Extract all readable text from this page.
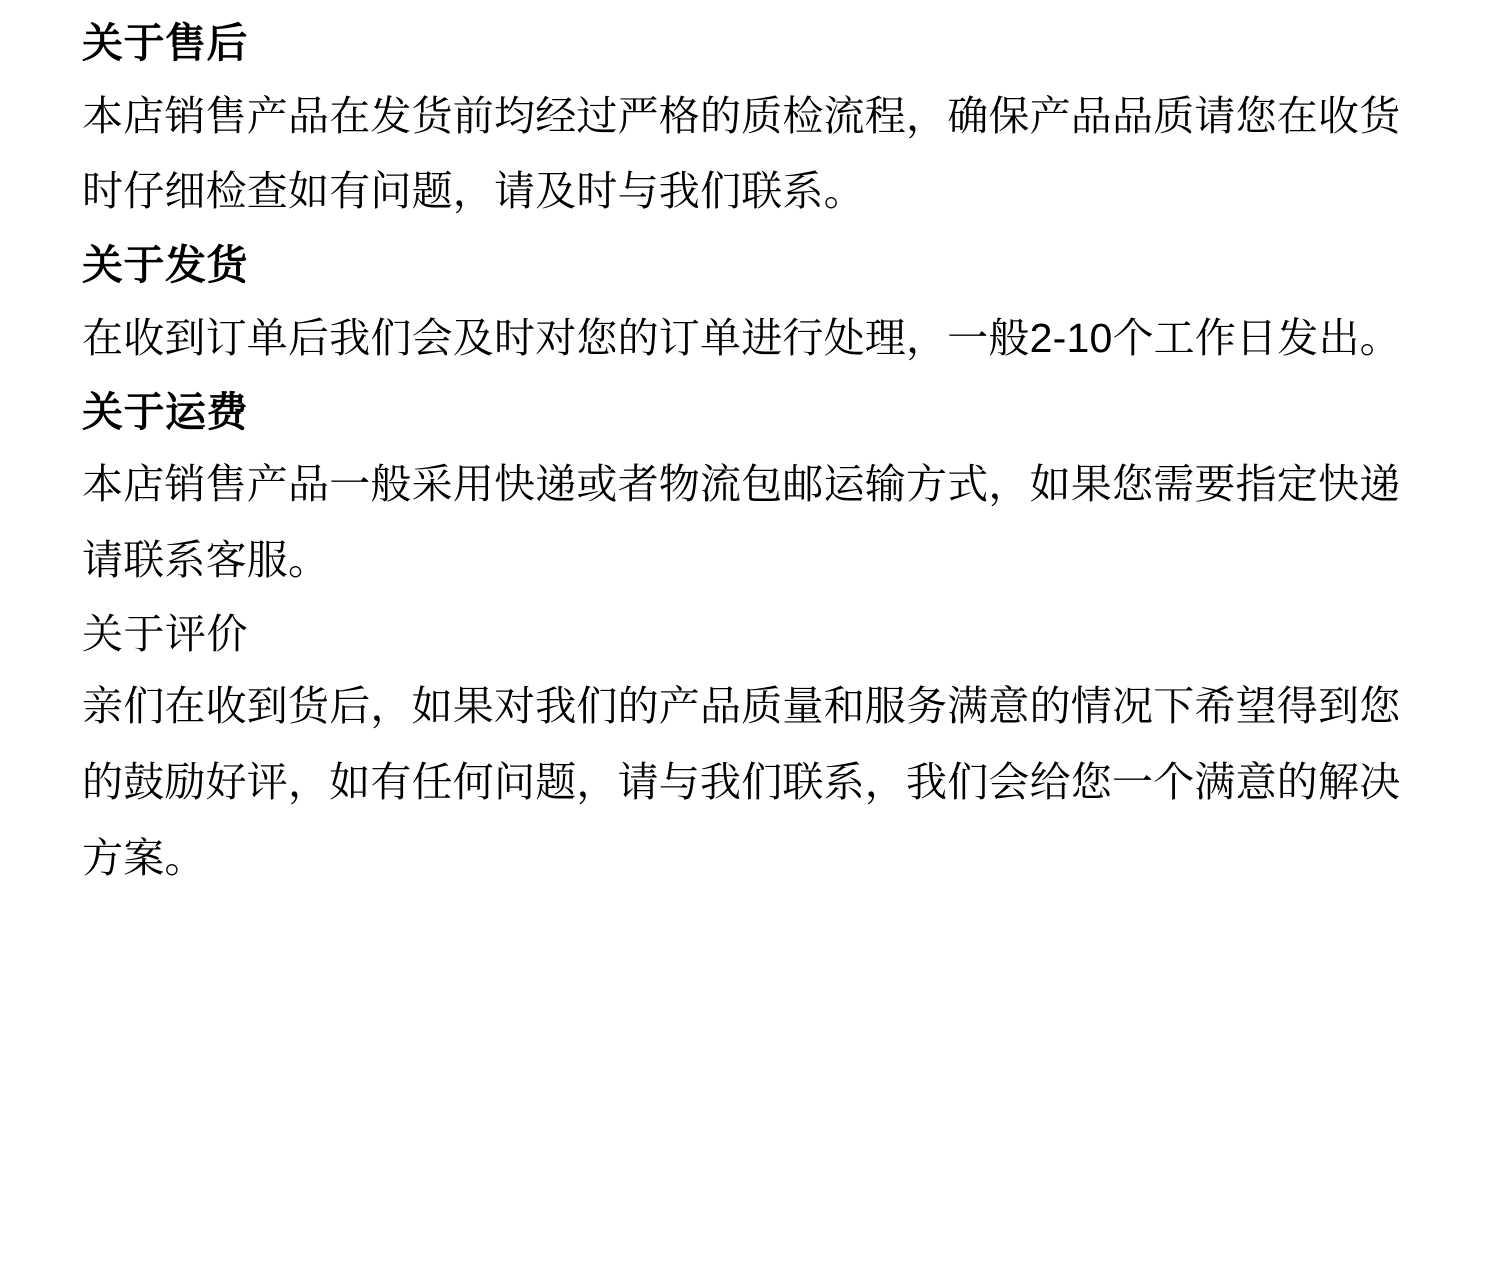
关于售后

本店销售产品在发货前均经过严格的质检流程，确保产品品质请您在收货时仔细检查如有问题，请及时与我们联系。

关于发货

在收到订单后我们会及时对您的订单进行处理，一般2-10个工作日发出。

关于运费

本店销售产品一般采用快递或者物流包邮运输方式，如果您需要指定快递请联系客服。

关于评价

亲们在收到货后，如果对我们的产品质量和服务满意的情况下希望得到您的鼓励好评，如有任何问题，请与我们联系，我们会给您一个满意的解决方案。
